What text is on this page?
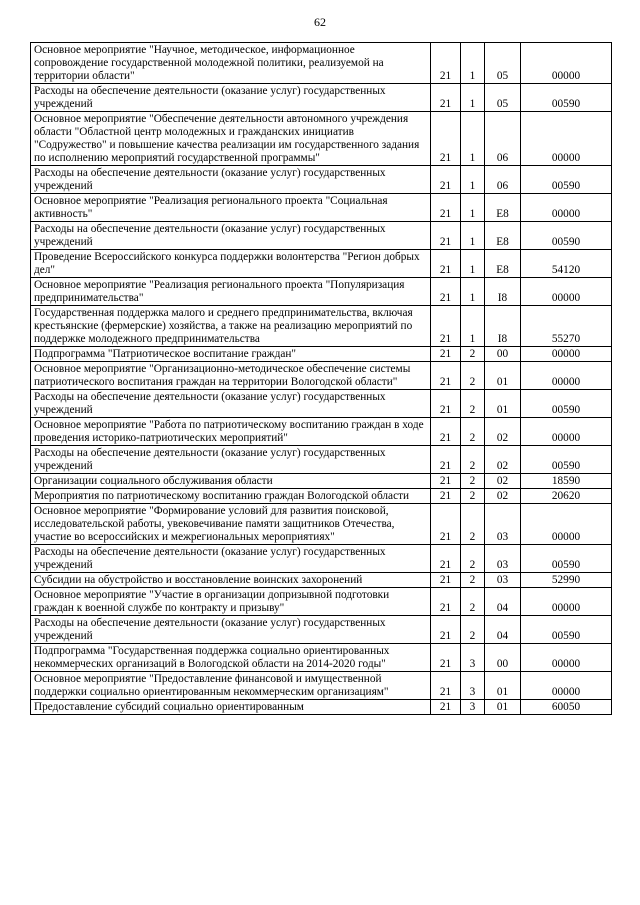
62
Основное мероприятие "Научное, методическое, информационное сопровождение государственной молодежной политики, реализуемой на территории области"	21	1	05	00000
Расходы на обеспечение деятельности (оказание услуг) государственных учреждений	21	1	05	00590
Основное мероприятие "Обеспечение деятельности автономного учреждения области "Областной центр молодежных и гражданских инициатив "Содружество" и повышение качества реализации им государственного задания по исполнению мероприятий государственной программы"	21	1	06	00000
Расходы на обеспечение деятельности (оказание услуг) государственных учреждений	21	1	06	00590
Основное мероприятие "Реализация регионального проекта "Социальная активность"	21	1	E8	00000
Расходы на обеспечение деятельности (оказание услуг) государственных учреждений	21	1	E8	00590
Проведение Всероссийского конкурса поддержки волонтерства "Регион добрых дел"	21	1	E8	54120
Основное мероприятие "Реализация регионального проекта "Популяризация предпринимательства"	21	1	I8	00000
Государственная поддержка малого и среднего предпринимательства, включая крестьянские (фермерские) хозяйства, а также на реализацию мероприятий по поддержке молодежного предпринимательства	21	1	I8	55270
Подпрограмма "Патриотическое воспитание граждан"	21	2	00	00000
Основное мероприятие "Организационно-методическое обеспечение системы патриотического воспитания граждан на территории Вологодской области"	21	2	01	00000
Расходы на обеспечение деятельности (оказание услуг) государственных учреждений	21	2	01	00590
Основное мероприятие "Работа по патриотическому воспитанию граждан в ходе проведения историко-патриотических мероприятий"	21	2	02	00000
Расходы на обеспечение деятельности (оказание услуг) государственных учреждений	21	2	02	00590
Организации социального обслуживания области	21	2	02	18590
Мероприятия по патриотическому воспитанию граждан Вологодской области	21	2	02	20620
Основное мероприятие "Формирование условий для развития поисковой, исследовательской работы, увековечивание памяти защитников Отечества, участие во всероссийских и межрегиональных мероприятиях"	21	2	03	00000
Расходы на обеспечение деятельности (оказание услуг) государственных учреждений	21	2	03	00590
Субсидии на обустройство и восстановление воинских захоронений	21	2	03	52990
Основное мероприятие "Участие в организации допризывной подготовки граждан к военной службе по контракту и призыву"	21	2	04	00000
Расходы на обеспечение деятельности (оказание услуг) государственных учреждений	21	2	04	00590
Подпрограмма "Государственная поддержка социально ориентированных некоммерческих организаций в Вологодской области на 2014-2020 годы"	21	3	00	00000
Основное мероприятие "Предоставление финансовой и имущественной поддержки социально ориентированным некоммерческим организациям"	21	3	01	00000
Предоставление субсидий социально ориентированным	21	3	01	60050
